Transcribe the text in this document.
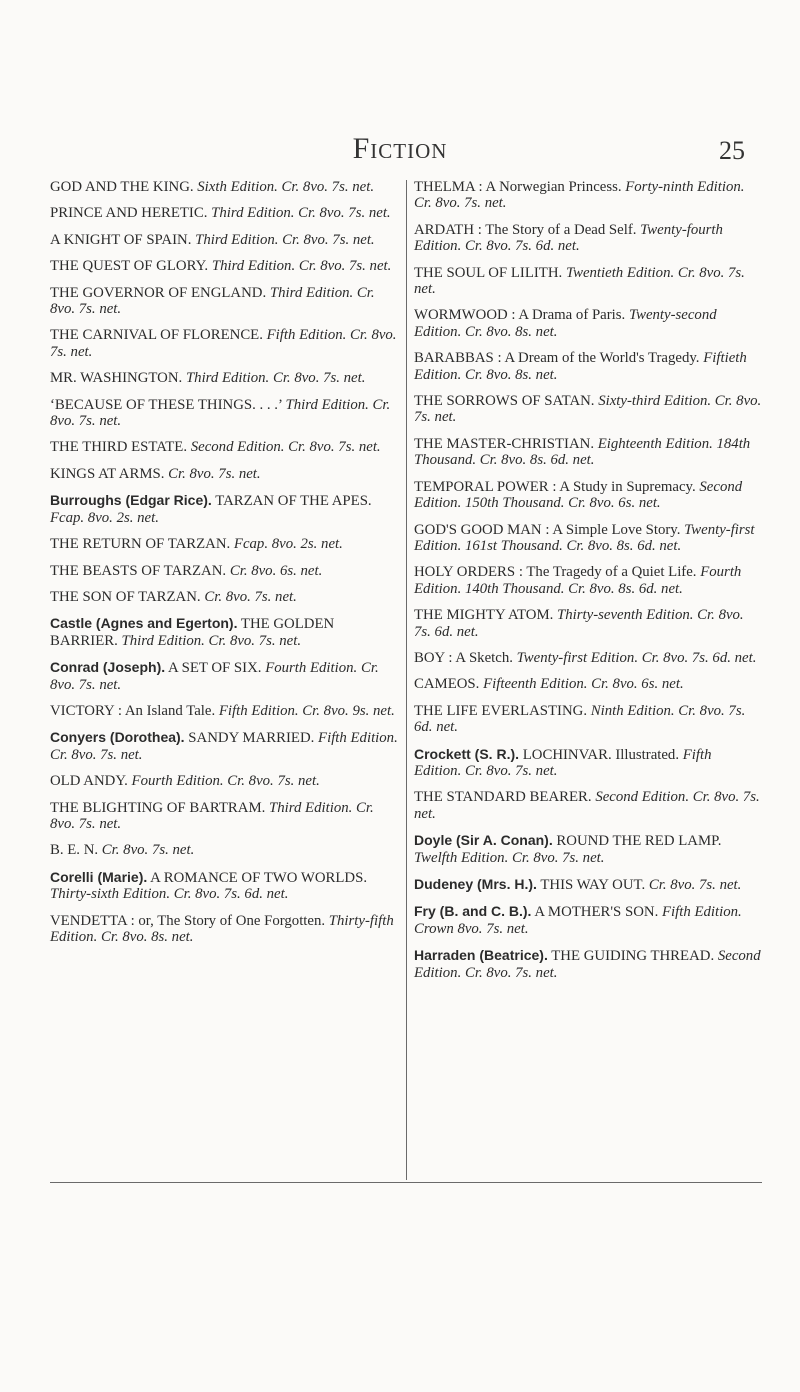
Fiction	25

GOD AND THE KING. Sixth Edition. Cr. 8vo. 7s. net.

PRINCE AND HERETIC. Third Edition. Cr. 8vo. 7s. net.

A KNIGHT OF SPAIN. Third Edition. Cr. 8vo. 7s. net.

THE QUEST OF GLORY. Third Edition. Cr. 8vo. 7s. net.

THE GOVERNOR OF ENGLAND. Third Edition. Cr. 8vo. 7s. net.

THE CARNIVAL OF FLORENCE. Fifth Edition. Cr. 8vo. 7s. net.

MR. WASHINGTON. Third Edition. Cr. 8vo. 7s. net.

‘BECAUSE OF THESE THINGS. . . .’ Third Edition. Cr. 8vo. 7s. net.

THE THIRD ESTATE. Second Edition. Cr. 8vo. 7s. net.

KINGS AT ARMS. Cr. 8vo. 7s. net.

Burroughs (Edgar Rice). TARZAN OF THE APES. Fcap. 8vo. 2s. net.

THE RETURN OF TARZAN. Fcap. 8vo. 2s. net.

THE BEASTS OF TARZAN. Cr. 8vo. 6s. net.

THE SON OF TARZAN. Cr. 8vo. 7s. net.

Castle (Agnes and Egerton). THE GOLDEN BARRIER. Third Edition. Cr. 8vo. 7s. net.

Conrad (Joseph). A SET OF SIX. Fourth Edition. Cr. 8vo. 7s. net.

VICTORY : An Island Tale. Fifth Edition. Cr. 8vo. 9s. net.

Conyers (Dorothea). SANDY MARRIED. Fifth Edition. Cr. 8vo. 7s. net.

OLD ANDY. Fourth Edition. Cr. 8vo. 7s. net.

THE BLIGHTING OF BARTRAM. Third Edition. Cr. 8vo. 7s. net.

B. E. N. Cr. 8vo. 7s. net.

Corelli (Marie). A ROMANCE OF TWO WORLDS. Thirty-sixth Edition. Cr. 8vo. 7s. 6d. net.

VENDETTA : or, The Story of One Forgotten. Thirty-fifth Edition. Cr. 8vo. 8s. net.

THELMA : A Norwegian Princess. Forty-ninth Edition. Cr. 8vo. 7s. net.

ARDATH : The Story of a Dead Self. Twenty-fourth Edition. Cr. 8vo. 7s. 6d. net.

THE SOUL OF LILITH. Twentieth Edition. Cr. 8vo. 7s. net.

WORMWOOD : A Drama of Paris. Twenty-second Edition. Cr. 8vo. 8s. net.

BARABBAS : A Dream of the World's Tragedy. Fiftieth Edition. Cr. 8vo. 8s. net.

THE SORROWS OF SATAN. Sixty-third Edition. Cr. 8vo. 7s. net.

THE MASTER-CHRISTIAN. Eighteenth Edition. 184th Thousand. Cr. 8vo. 8s. 6d. net.

TEMPORAL POWER : A Study in Supremacy. Second Edition. 150th Thousand. Cr. 8vo. 6s. net.

GOD'S GOOD MAN : A Simple Love Story. Twenty-first Edition. 161st Thousand. Cr. 8vo. 8s. 6d. net.

HOLY ORDERS : The Tragedy of a Quiet Life. Fourth Edition. 140th Thousand. Cr. 8vo. 8s. 6d. net.

THE MIGHTY ATOM. Thirty-seventh Edition. Cr. 8vo. 7s. 6d. net.

BOY : A Sketch. Twenty-first Edition. Cr. 8vo. 7s. 6d. net.

CAMEOS. Fifteenth Edition. Cr. 8vo. 6s. net.

THE LIFE EVERLASTING. Ninth Edition. Cr. 8vo. 7s. 6d. net.

Crockett (S. R.). LOCHINVAR. Illustrated. Fifth Edition. Cr. 8vo. 7s. net.

THE STANDARD BEARER. Second Edition. Cr. 8vo. 7s. net.

Doyle (Sir A. Conan). ROUND THE RED LAMP. Twelfth Edition. Cr. 8vo. 7s. net.

Dudeney (Mrs. H.). THIS WAY OUT. Cr. 8vo. 7s. net.

Fry (B. and C. B.). A MOTHER'S SON. Fifth Edition. Crown 8vo. 7s. net.

Harraden (Beatrice). THE GUIDING THREAD. Second Edition. Cr. 8vo. 7s. net.
